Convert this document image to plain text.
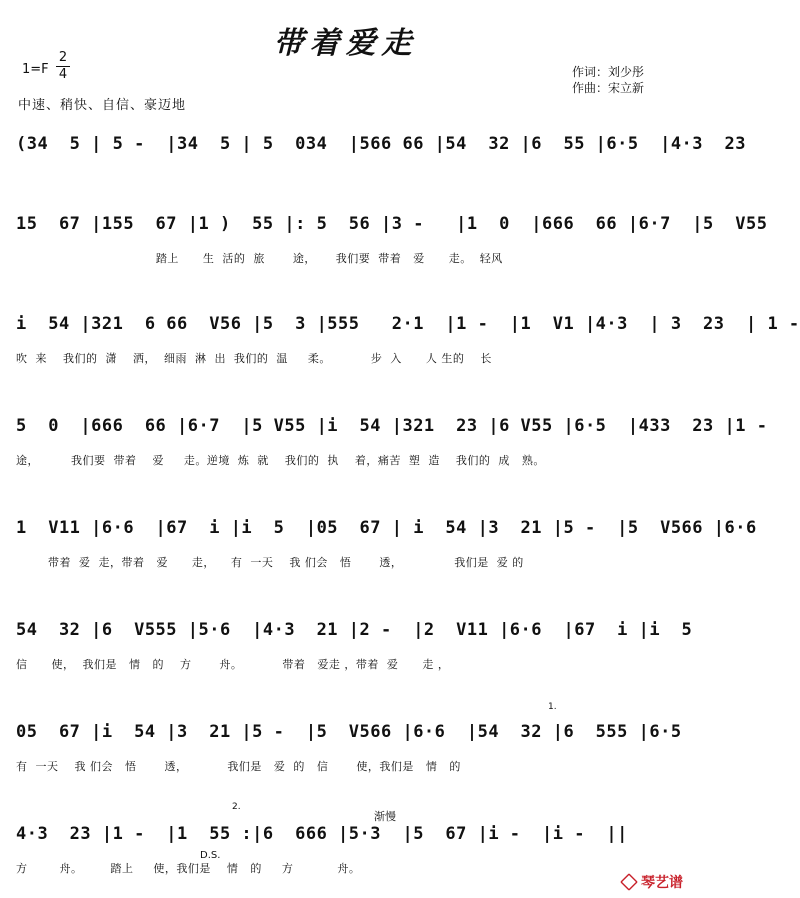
带着爱走
1=F
2
4
中速、稍快、自信、豪迈地
作词：刘少彤
作曲：宋立新
(34  5 | 5 -  |34  5 | 5  034  |566 66 |54  32 |6  55 |6·5  |4·3  23
15  67 |155  67 |1 )  55 |: 5  56 |3 -   |1  0  |666  66 |6·7  |5  V55
踏上      生  活的  旅       途，     我们要  带着   爱      走。  轻风
i  54 |321  6 66  V56 |5  3 |555   2·1  |1 -  |1  V1 |4·3  | 3  23  | 1 -
吹  来    我们的  潇    洒，  细雨  淋  出  我们的  温     柔。          步  入      人 生的    长
5  0  |666  66 |6·7  |5 V55 |i  54 |321  23 |6 V55 |6·5  |433  23 |1 -
途，        我们要  带着    爱     走。逆境  炼  就    我们的  执    着，痛苦  塑  造    我们的  成   熟。
1  V11 |6·6  |67  i |i  5  |05  67 | i  54 |3  21 |5 -  |5  V566 |6·6
带着  爱  走，带着   爱      走，    有  一天    我 们会   悟       透，             我们是  爱 的
54  32 |6  V555 |5·6  |4·3  21 |2 -  |2  V11 |6·6  |67  i |i  5
信      使，  我们是   情   的    方       舟。          带着   爱走 ，带着  爱      走 ，
05  67 |i  54 |3  21 |5 -  |5  V566 |6·6  |54  32 |6  555 |6·5
有  一天    我 们会   悟       透，          我们是   爱  的   信       使，我们是   情   的
1.
4·3  23 |1 -  |1  55 :|6  666 |5·3  |5  67 |i -  |i -  ||
方        舟。       踏上     使，我们是    情   的     方           舟。
2.
渐慢
D.S.
琴艺谱
